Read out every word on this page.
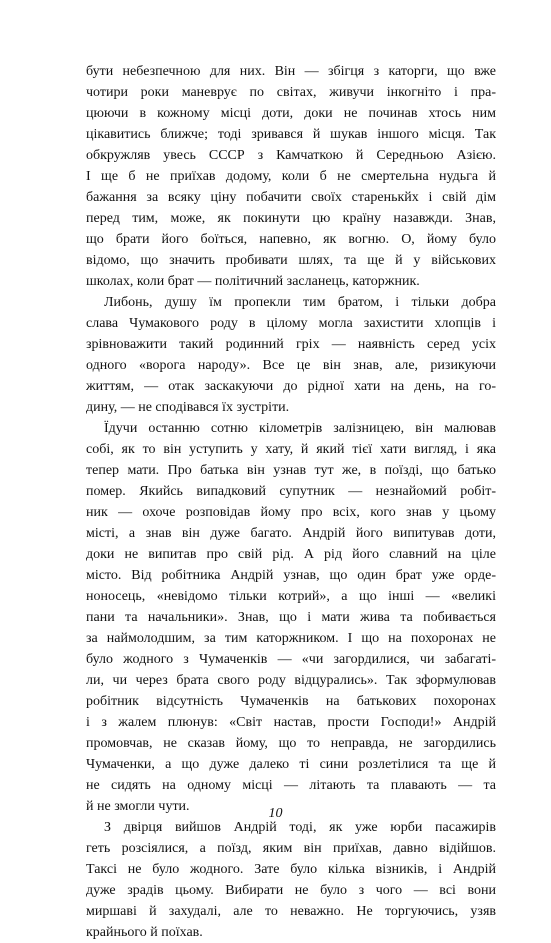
бути небезпечною для них. Він — збігця з каторги, що вже
чотири роки маневрує по світах, живучи інкогніто і пра-
цюючи в кожному місці доти, доки не починав хтось ним
цікавитись ближче; тоді зривався й шукав іншого місця. Так
обкружляв увесь СССР з Камчаткою й Середньою Азією.
І ще б не приїхав додому, коли б не смертельна нудьга й
бажання за всяку ціну побачити своїх старенькйх і свій дім
перед тим, може, як покинути цю країну назавжди. Знав,
що брати його боїться, напевно, як вогню. О, йому було
відомо, що значить пробивати шлях, та ще й у військових
школах, коли брат — політичний засланець, каторжник.
Либонь, душу їм пропекли тим братом, і тільки добра
слава Чумакового роду в цілому могла захистити хлопців і
зрівноважити такий родинний гріх — наявність серед усіх
одного «ворога народу». Все це він знав, але, ризикуючи
життям, — отак заскакуючи до рідної хати на день, на го-
дину, — не сподівався їх зустріти.
Їдучи останню сотню кілометрів залізницею, він малював
собі, як то він уступить у хату, й який тієї хати вигляд, і яка
тепер мати. Про батька він узнав тут же, в поїзді, що батько
помер. Якийсь випадковий супутник — незнайомий робіт-
ник — охоче розповідав йому про всіх, кого знав у цьому
місті, а знав він дуже багато. Андрій його випитував доти,
доки не випитав про свій рід. А рід його славний на ціле
місто. Від робітника Андрій узнав, що один брат уже орде-
ноносець, «невідомо тільки котрий», а що інші — «великі
пани та начальники». Знав, що і мати жива та побивається
за наймолодшим, за тим каторжником. І що на похоронах не
було жодного з Чумаченків — «чи загордилися, чи забагаті-
ли, чи через брата свого роду відцурались». Так зформулював
робітник відсутність Чумаченків на батькових похоронах
і з жалем плюнув: «Світ настав, прости Господи!» Андрій
промовчав, не сказав йому, що то неправда, не загордились
Чумаченки, а що дуже далеко ті сини розлетілися та ще й
не сидять на одному місці — літають та плавають — та
й не змогли чути.
З двірця вийшов Андрій тоді, як уже юрби пасажирів
геть розсіялися, а поїзд, яким він приїхав, давно відійшов.
Таксі не було жодного. Зате було кілька візників, і Андрій
дуже зрадів цьому. Вибирати не було з чого — всі вони
миршаві й захудалі, але то неважно. Не торгуючись, узяв
крайнього й поїхав.
10
